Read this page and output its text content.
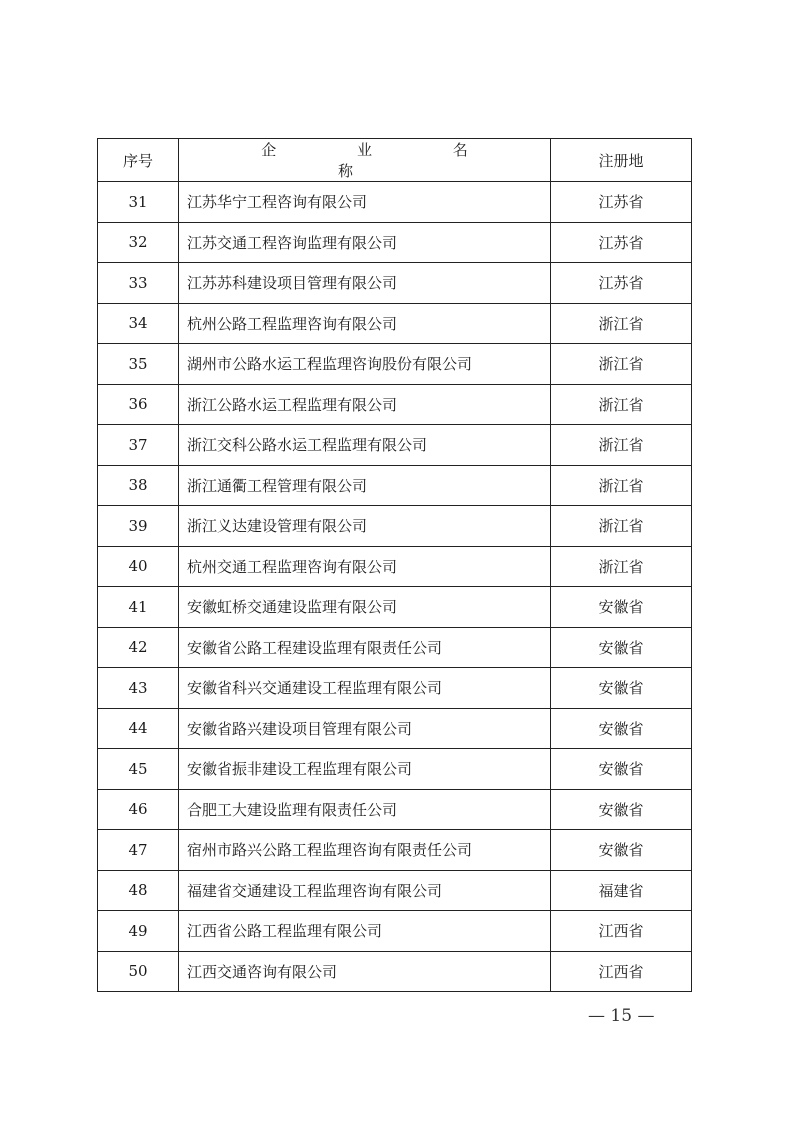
序号	企 业 名 称	注册地
31	江苏华宁工程咨询有限公司	江苏省
32	江苏交通工程咨询监理有限公司	江苏省
33	江苏苏科建设项目管理有限公司	江苏省
34	杭州公路工程监理咨询有限公司	浙江省
35	湖州市公路水运工程监理咨询股份有限公司	浙江省
36	浙江公路水运工程监理有限公司	浙江省
37	浙江交科公路水运工程监理有限公司	浙江省
38	浙江通衢工程管理有限公司	浙江省
39	浙江义达建设管理有限公司	浙江省
40	杭州交通工程监理咨询有限公司	浙江省
41	安徽虹桥交通建设监理有限公司	安徽省
42	安徽省公路工程建设监理有限责任公司	安徽省
43	安徽省科兴交通建设工程监理有限公司	安徽省
44	安徽省路兴建设项目管理有限公司	安徽省
45	安徽省振非建设工程监理有限公司	安徽省
46	合肥工大建设监理有限责任公司	安徽省
47	宿州市路兴公路工程监理咨询有限责任公司	安徽省
48	福建省交通建设工程监理咨询有限公司	福建省
49	江西省公路工程监理有限公司	江西省
50	江西交通咨询有限公司	江西省
— 15 —
